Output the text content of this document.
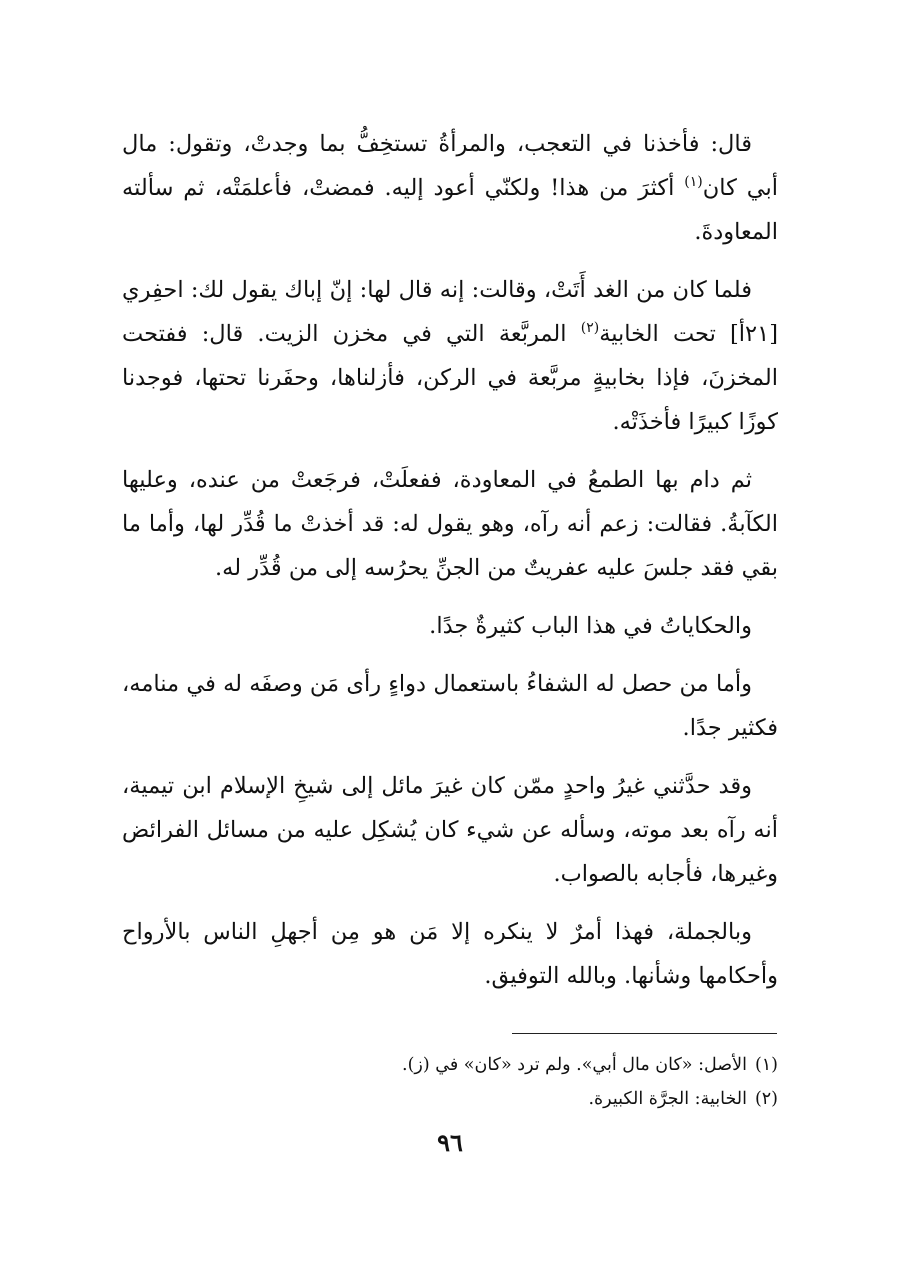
قال: فأخذنا في التعجب، والمرأةُ تستخِفُّ بما وجدتْ، وتقول: مال أبي كان$^{(١)}$ أكثرَ من هذا! ولكنّي أعود إليه. فمضتْ، فأعلمَتْه، ثم سألته المعاودةَ.

فلما كان من الغد أَتَتْ، وقالت: إنه قال لها: إنّ إباك يقول لك: احفِري [٢١أ] تحت الخابية$^{(٢)}$ المربَّعة التي في مخزن الزيت. قال: ففتحت المخزنَ، فإذا بخابيةٍ مربَّعة في الركن، فأزلناها، وحفَرنا تحتها، فوجدنا كوزًا كبيرًا فأخذَتْه.

ثم دام بها الطمعُ في المعاودة، ففعلَتْ، فرجَعتْ من عنده، وعليها الكآبةُ. فقالت: زعم أنه رآه، وهو يقول له: قد أخذتْ ما قُدِّر لها، وأما ما بقي فقد جلسَ عليه عفريتٌ من الجنِّ يحرُسه إلى من قُدِّر له.

والحكاياتُ في هذا الباب كثيرةٌ جدًا.

وأما من حصل له الشفاءُ باستعمال دواءٍ رأى مَن وصفَه له في منامه، فكثير جدًا.

وقد حدَّثني غيرُ واحدٍ ممّن كان غيرَ مائل إلى شيخِ الإسلام ابن تيمية، أنه رآه بعد موته، وسأله عن شيء كان يُشكِل عليه من مسائل الفرائض وغيرها، فأجابه بالصواب.

وبالجملة، فهذا أمرٌ لا ينكره إلا مَن هو مِن أجهلِ الناس بالأرواح وأحكامها وشأنها. وبالله التوفيق.

(١)الأصل: «كان مال أبي». ولم ترد «كان» في (ز).

(٢)الخابية: الجرَّة الكبيرة.

٩٦
